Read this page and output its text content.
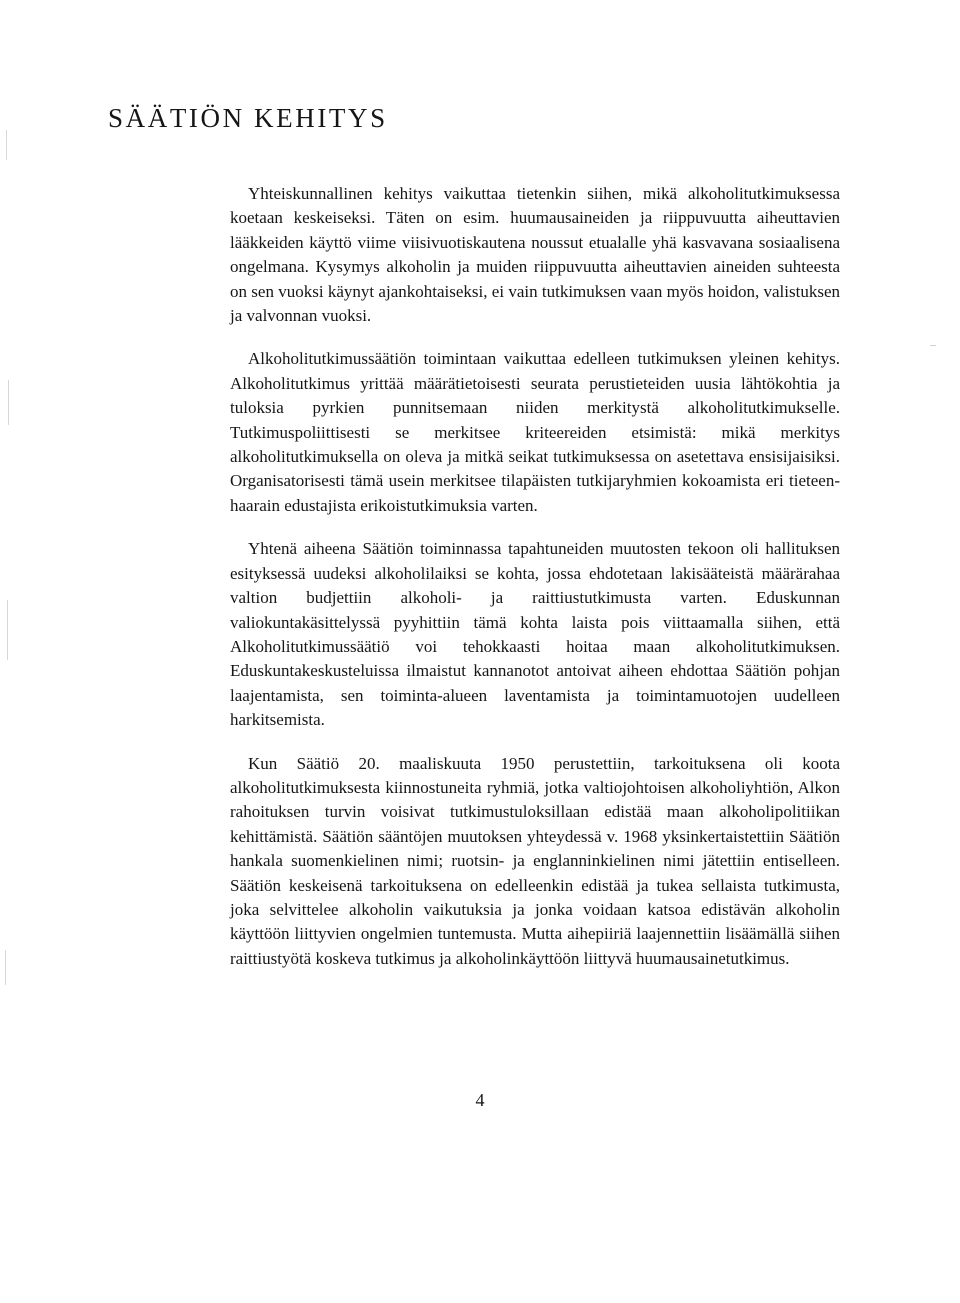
SÄÄTIÖN KEHITYS

Yhteiskunnallinen kehitys vaikuttaa tietenkin siihen, mikä alkoholitutkimuksessa koetaan keskeiseksi. Täten on esim. huumausaineiden ja riippuvuutta aiheuttavien lääkkeiden käyttö viime viisivuotiskautena noussut etualalle yhä kasvavana sosiaalisena ongelmana. Kysymys alkoholin ja muiden riippuvuutta aiheuttavien aineiden suhteesta on sen vuoksi käynyt ajankohtaiseksi, ei vain tutkimuksen vaan myös hoidon, valistuksen ja valvonnan vuoksi.

Alkoholitutkimussäätiön toimintaan vaikuttaa edelleen tutkimuksen yleinen kehitys. Alkoholitutkimus yrittää määrätietoisesti seurata perustieteiden uusia lähtökohtia ja tuloksia pyrkien punnitsemaan niiden merkitystä alkoholitutkimukselle. Tutkimuspoliittisesti se merkitsee kriteereiden etsimistä: mikä merkitys alkoholitutkimuksella on oleva ja mitkä seikat tutkimuksessa on asetettava ensisijaisiksi. Organisatorisesti tämä usein merkitsee tilapäisten tutkijaryhmien kokoamista eri tieteenhaarain edustajista erikoistutkimuksia varten.

Yhtenä aiheena Säätiön toiminnassa tapahtuneiden muutosten tekoon oli hallituksen esityksessä uudeksi alkoholilaiksi se kohta, jossa ehdotetaan lakisääteistä määrärahaa valtion budjettiin alkoholi- ja raittiustutkimusta varten. Eduskunnan valiokuntakäsittelyssä pyyhittiin tämä kohta laista pois viittaamalla siihen, että Alkoholitutkimussäätiö voi tehokkaasti hoitaa maan alkoholitutkimuksen. Eduskuntakeskusteluissa ilmaistut kannanotot antoivat aiheen ehdottaa Säätiön pohjan laajentamista, sen toiminta-alueen laventamista ja toimintamuotojen uudelleen harkitsemista.

Kun Säätiö 20. maaliskuuta 1950 perustettiin, tarkoituksena oli koota alkoholitutkimuksesta kiinnostuneita ryhmiä, jotka valtiojohtoisen alkoholiyhtiön, Alkon rahoituksen turvin voisivat tutkimustuloksillaan edistää maan alkoholipolitiikan kehittämistä. Säätiön sääntöjen muutoksen yhteydessä v. 1968 yksinkertaistettiin Säätiön hankala suomenkielinen nimi; ruotsin- ja englanninkielinen nimi jätettiin entiselleen. Säätiön keskeisenä tarkoituksena on edelleenkin edistää ja tukea sellaista tutkimusta, joka selvittelee alkoholin vaikutuksia ja jonka voidaan katsoa edistävän alkoholin käyttöön liittyvien ongelmien tuntemusta. Mutta aihepiiriä laajennettiin lisäämällä siihen raittiustyötä koskeva tutkimus ja alkoholinkäyttöön liittyvä huumausainetutkimus.

4
